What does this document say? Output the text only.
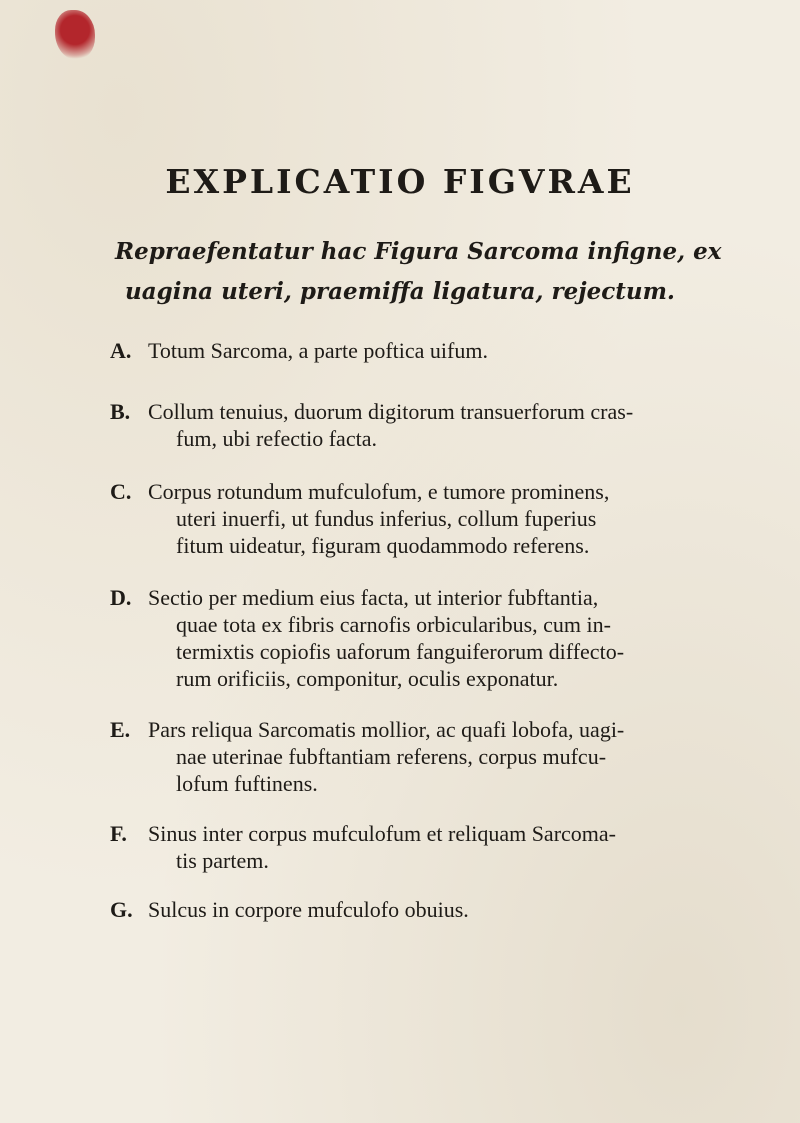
EXPLICATIO FIGVRAE
Repraefentatur hac Figura Sarcoma infigne, ex
uagina uteri, praemiffa ligatura, rejectum.
A. Totum Sarcoma, a parte poftica uifum.
B. Collum tenuius, duorum digitorum transuerforum cras-
fum, ubi refectio facta.
C. Corpus rotundum mufculofum, e tumore prominens,
uteri inuerfi, ut fundus inferius, collum fuperius
fitum uideatur, figuram quodammodo referens.
D. Sectio per medium eius facta, ut interior fubftantia,
quae tota ex fibris carnofis orbicularibus, cum in-
termixtis copiofis uaforum fanguiferorum diffecto-
rum orificiis, componitur, oculis exponatur.
E. Pars reliqua Sarcomatis mollior, ac quafi lobofa, uagi-
nae uterinae fubftantiam referens, corpus mufcu-
lofum fuftinens.
F. Sinus inter corpus mufculofum et reliquam Sarcoma-
tis partem.
G. Sulcus in corpore mufculofo obuius.
